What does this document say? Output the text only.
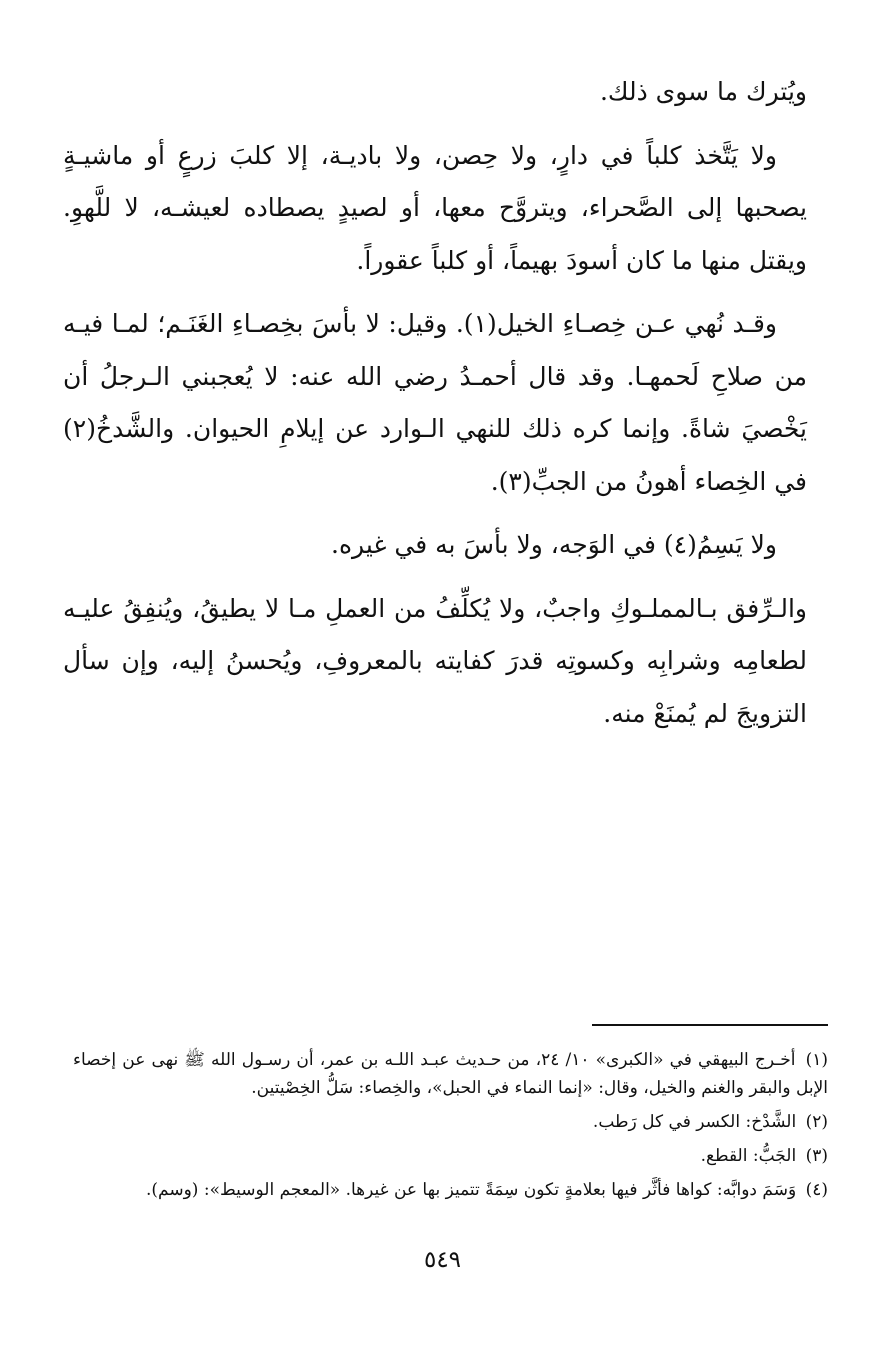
ويُترك ما سوى ذلك.

ولا يَتَّخذ كلباً في دارٍ، ولا حِصن، ولا باديـة، إلا كلبَ زرعٍ أو ماشيـةٍ يصحبها إلى الصَّحراء، ويتروَّح معها، أو لصيدٍ يصطاده لعيشـه، لا للَّهوِ. ويقتل منها ما كان أسودَ بهيماً، أو كلباً عقوراً.

وقـد نُهي عـن خِصـاءِ الخيل(١). وقيل: لا بأسَ بخِصـاءِ الغَنَـم؛ لمـا فيـه من صلاحِ لَحمهـا. وقد قال أحمـدُ رضي الله عنه: لا يُعجبني الـرجلُ أن يَخْصيَ شاةً. وإنما كره ذلك للنهي الـوارد عن إيلامِ الحيوان. والشَّدخُ(٢) في الخِصاء أهونُ من الجبِّ(٣).

ولا يَسِمُ(٤) في الوَجه، ولا بأسَ به في غيره.

والـرِّفق بـالمملـوكِ واجبٌ، ولا يُكلِّفُ من العملِ مـا لا يطيقُ، ويُنفِقُ عليـه لطعامِه وشرابِه وكسوتِه قدرَ كفايته بالمعروفِ، ويُحسنُ إليه، وإن سأل التزويجَ لم يُمنَعْ منه.

(١) أخـرج البيهقي في «الكبرى» ١٠/ ٢٤، من حـديث عبـد اللـه بن عمر، أن رسـول الله ﷺ نهى عن إخصاء الإبل والبقر والغنم والخيل، وقال: «إنما النماء في الحبل»، والخِصاء: سَلُّ الخِصْيتين.

(٢) الشَّدْخ: الكسر في كل رَطب.

(٣) الجَبُّ: القطع.

(٤) وَسَمَ دوابَّه: كواها فأثَّر فيها بعلامةٍ تكون سِمَةً تتميز بها عن غيرها. «المعجم الوسيط»: (وسم).

٥٤٩
